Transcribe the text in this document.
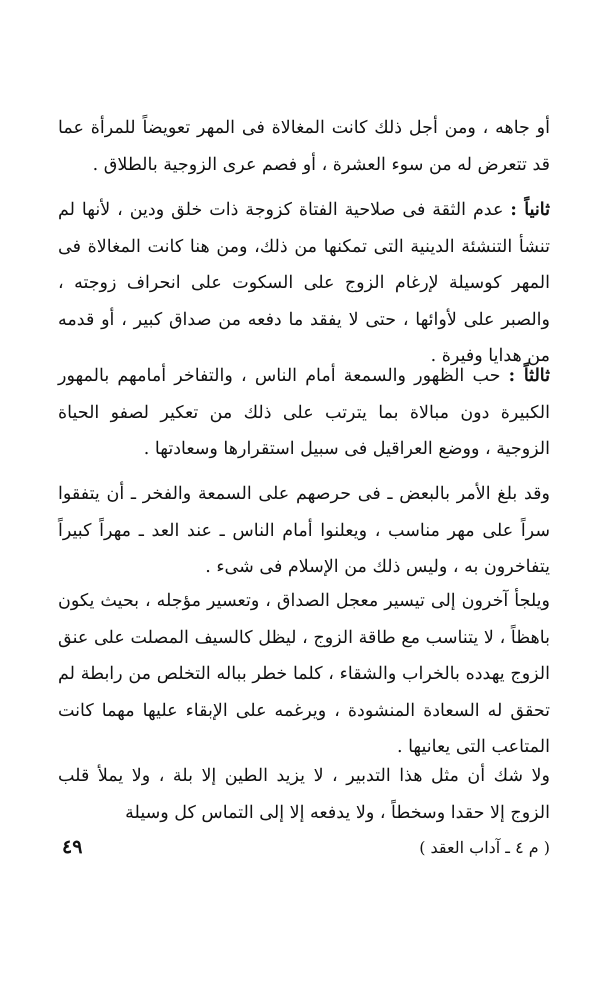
أو جاهه ، ومن أجل ذلك كانت المغالاة فى المهر تعويضاً للمرأة عما قد تتعرض له من سوء العشرة ، أو فصم عرى الزوجية بالطلاق .

ثانياً : عدم الثقة فى صلاحية الفتاة كزوجة ذات خلق ودين ، لأنها لم تنشأ التنشئة الدينية التى تمكنها من ذلك، ومن هنا كانت المغالاة فى المهر كوسيلة لإرغام الزوج على السكوت على انحراف زوجته ، والصبر على لأوائها ، حتى لا يفقد ما دفعه من صداق كبير ، أو قدمه من هدايا وفيرة .

ثالثاً : حب الظهور والسمعة أمام الناس ، والتفاخر أمامهم بالمهور الكبيرة دون مبالاة بما يترتب على ذلك من تعكير لصفو الحياة الزوجية ، ووضع العراقيل فى سبيل استقرارها وسعادتها .

وقد بلغ الأمر بالبعض ـ فى حرصهم على السمعة والفخر ـ أن يتفقوا سراً على مهر مناسب ، ويعلنوا أمام الناس ـ عند العد ـ مهراً كبيراً يتفاخرون به ، وليس ذلك من الإسلام فى شىء .

ويلجأ آخرون إلى تيسير معجل الصداق ، وتعسير مؤجله ، بحيث يكون باهظاً ، لا يتناسب مع طاقة الزوج ، ليظل كالسيف المصلت على عنق الزوج يهدده بالخراب والشقاء ، كلما خطر بباله التخلص من رابطة لم تحقق له السعادة المنشودة ، ويرغمه على الإبقاء عليها مهما كانت المتاعب التى يعانيها .

ولا شك أن مثل هذا التدبير ، لا يزيد الطين إلا بلة ، ولا يملأ قلب الزوج إلا حقدا وسخطاً ، ولا يدفعه إلا إلى التماس كل وسيلة

( م ٤ ـ آداب العقد )
٤٩
